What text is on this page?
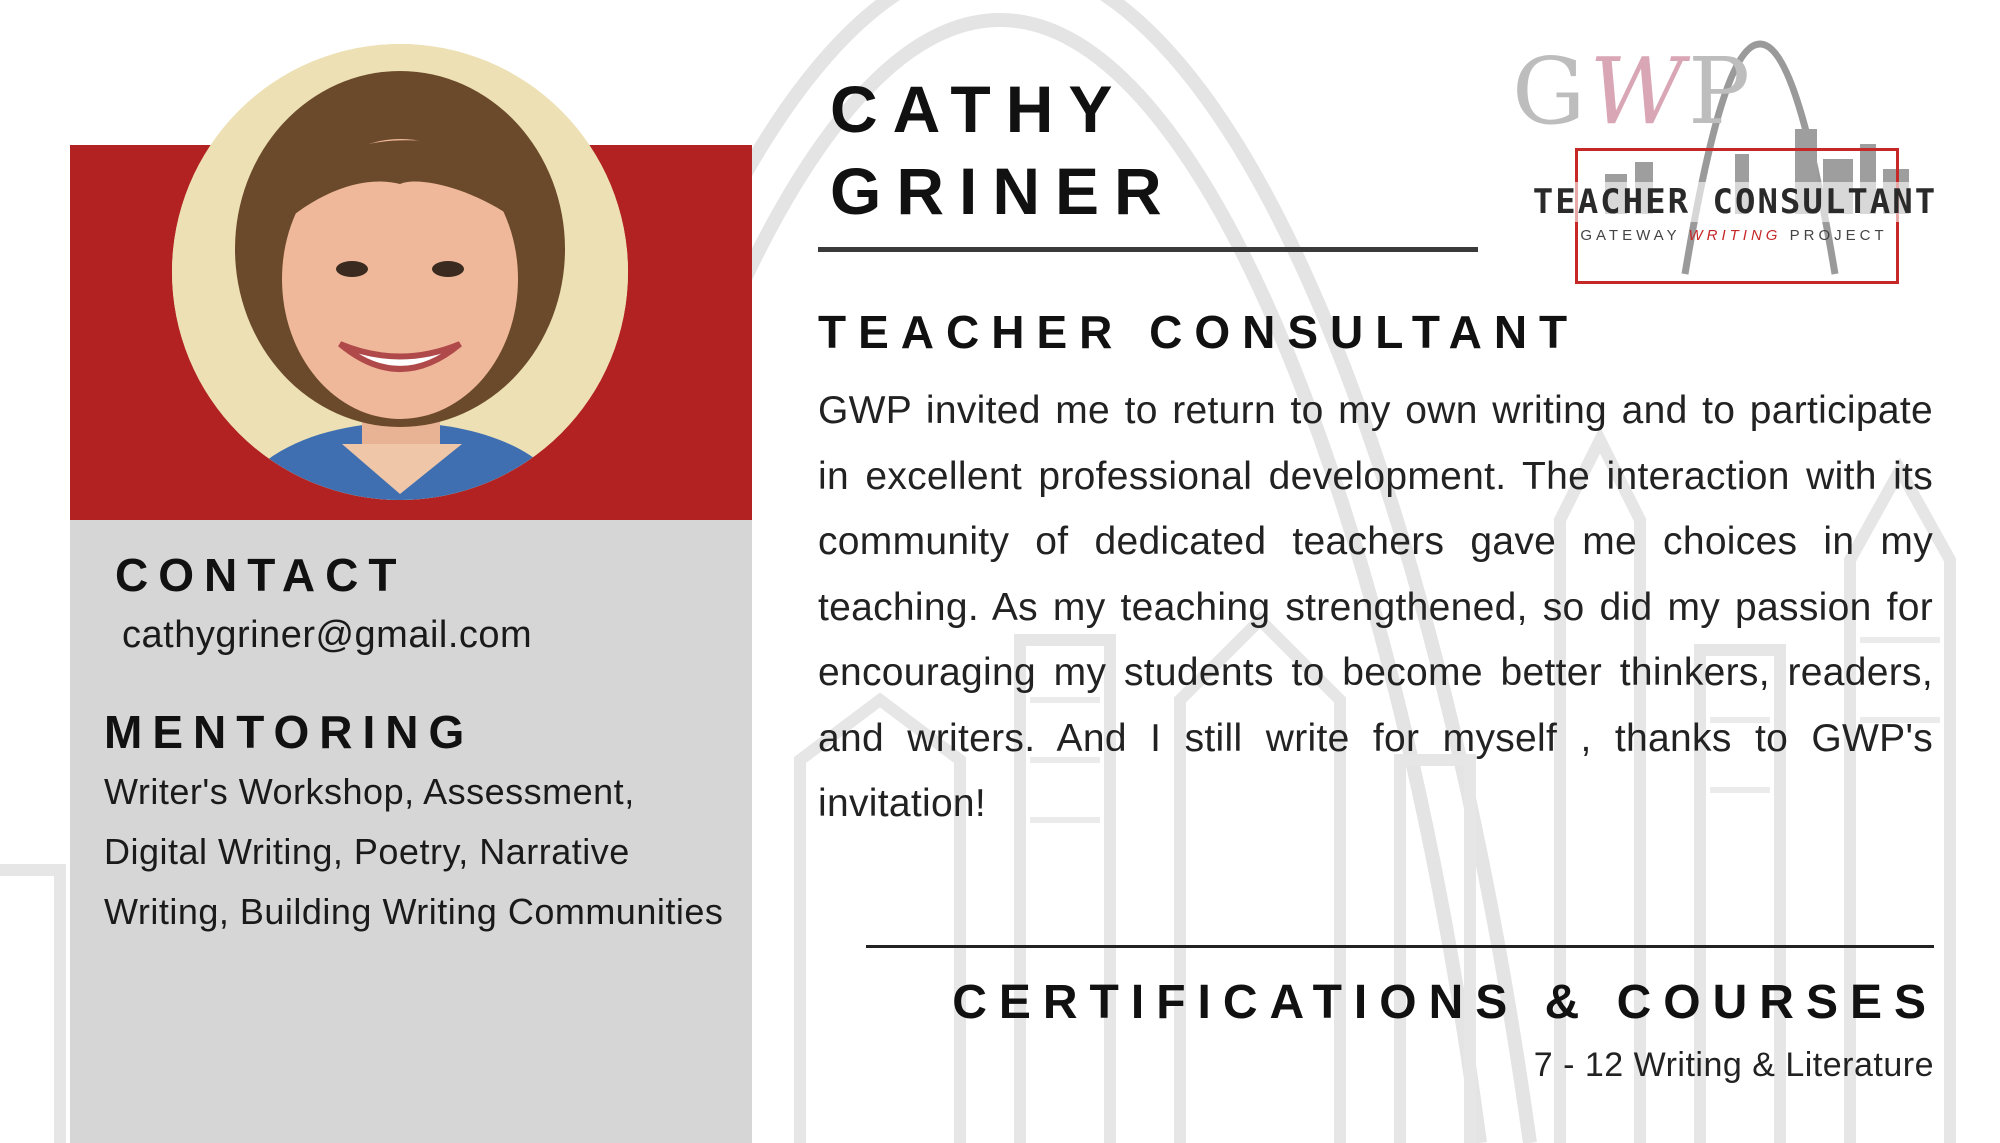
CONTACT
cathygriner@gmail.com
MENTORING
Writer's Workshop, Assessment, Digital Writing, Poetry, Narrative Writing, Building Writing Communities
CATHY
GRINER
GWP
TEACHER CONSULTANT
GATEWAY WRITING PROJECT
TEACHER CONSULTANT
GWP invited me to return to my own writing and to participate in excellent professional development. The interaction with its community of dedicated teachers gave me choices in my teaching. As my teaching strengthened, so did my passion for encouraging my students to become better thinkers, readers, and writers. And I still write for myself , thanks to GWP's invitation!
CERTIFICATIONS & COURSES
7 - 12 Writing & Literature
